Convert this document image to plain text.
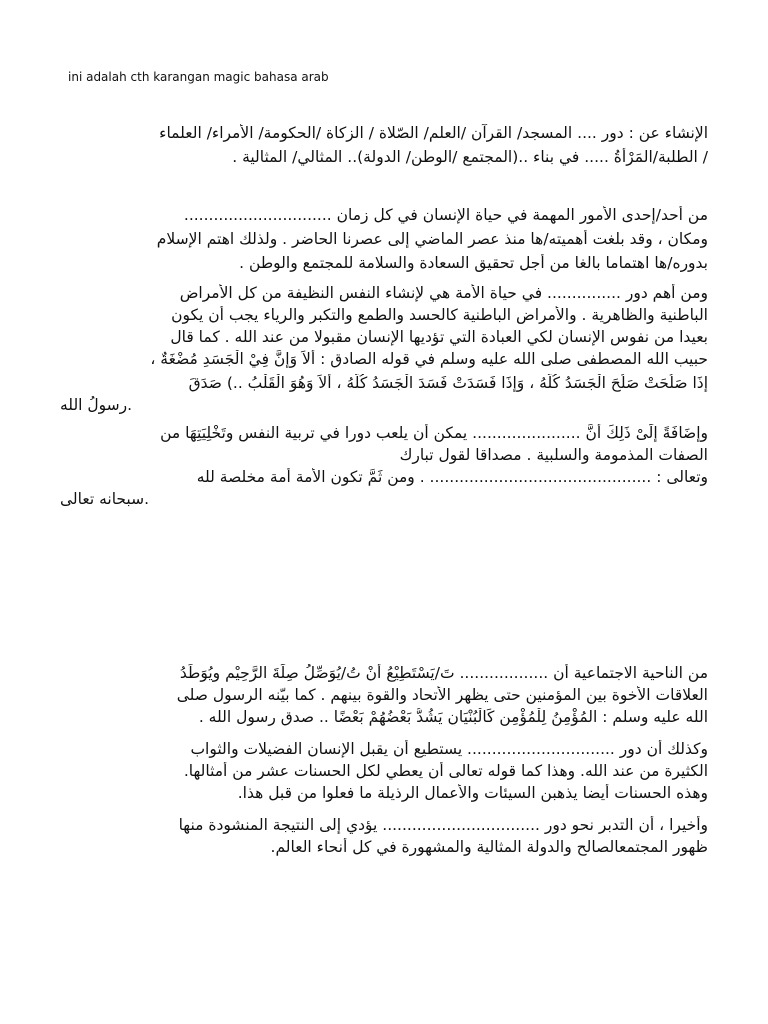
ini adalah cth karangan magic bahasa arab
الإنشاء عن : دور .... المسجد/ القرآن /العلم/ الصّلاة / الزكاة /الحكومة/ الأمراء/ العلماء
/ الطلبة/المَرْأةُ ..... في بناء ..(المجتمع /الوطن/ الدولة).. المثالي/ المثالية .
من أحد/إحدى الأمور المهمة في حياة الإنسان في كل زمان ..............................
ومكان ، وقد بلغت أهميته/ها منذ عصر الماضي إلى عصرنا الحاضر . ولذلك اهتم الإسلام
بدوره/ها اهتماما بالغا من أجل تحقيق السعادة والسلامة للمجتمع والوطن .
ومن أهم دور ............... في حياة الأمة هي لإنشاء النفس النظيفة من كل الأمراض
الباطنية والظاهرية . والأمراض الباطنية كالحسد والطمع والتكبر والرياء يجب أن يكون
بعيدا من نفوس الإنسان لكي العبادة التي تؤديها الإنسان مقبولا من عند الله . كما قال
حبيب الله المصطفى صلى الله عليه وسلم في قوله الصادق : أَلاَ وَإِنَّ فِيْ الْجَسَدِ مُضْغَةٌ ،
إِذَا صَلُحَتْ صَلُحَ الْجَسَدُ كُلُّهُ ، وَإِذَا فَسَدَتْ فَسَدَ الْجَسَدُ كُلُّهُ ، أَلاَ وَهُوَ الْقَلْبُ ..) صَدَقَ
.رسولُ الله
وإِضَافَةً إِلَىْ ذَلِكَ أَنَّ ...................... يمكن أن يلعب دورا في تربية النفس وتَخْلِيَتِهَا من
الصفات المذمومة والسلبية . مصداقا لقول تبارك
وتعالى : ............................................. . ومن ثَمَّ تكون الأمة أمة مخلصة لله
.سبحانه تعالى
من الناحية الاجتماعية أن .................. تَ/يَسْتَطِيْعُ أَنْ تُ/يُوَصِّلُ صِلَةَ الرَّحِيْمِ ويُوَطِّدُ
العلاقات الأخوة بين المؤمنين حتى يظهر الأتحاد والقوة بينهم . كما بيّنه الرسول صلى
الله عليه وسلم : المُؤْمِنُ لِلْمُؤْمِنِ كَالْبُنْيَانِ يَشُدُّ بَعْضُهُمْ بَعْضًا .. صدق رسول الله .
وكذلك أن دور .............................. يستطيع أن يقبل الإنسان الفضيلات والثواب
الكثيرة من عند الله. وهذا كما قوله تعالى أن يعطي لكل الحسنات عشر من أمثالها.
وهذه الحسنات أيضا يذهبن السيئات والأعمال الرذيلة ما فعلوا من قبل هذا.
وأخيرا ، أن التدبر نحو دور ................................ يؤدي إلى النتيجة المنشودة منها
ظهور المجتمعالصالح والدولة المثالية والمشهورة في كل أنحاء العالم.
